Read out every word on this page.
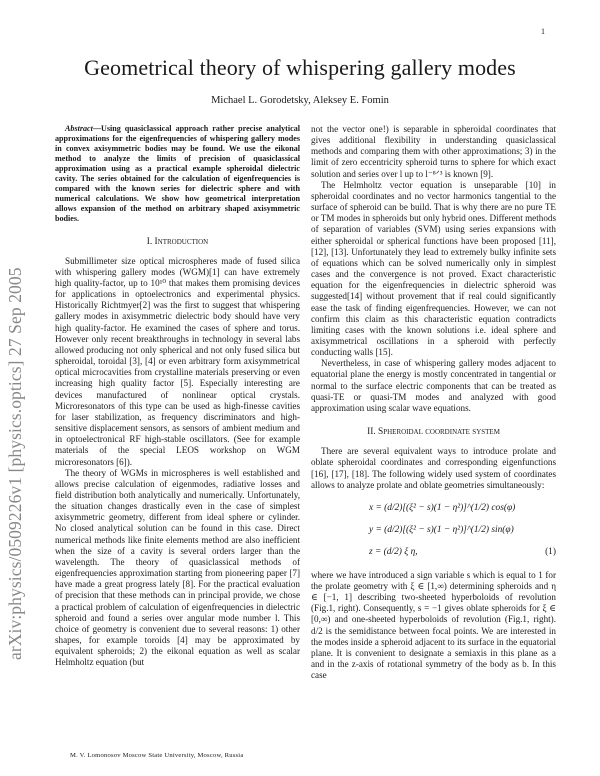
1
Geometrical theory of whispering gallery modes
Michael L. Gorodetsky, Aleksey E. Fomin
arXiv:physics/0509226v1 [physics.optics] 27 Sep 2005

Abstract—Using quasiclassical approach rather precise analytical approximations for the eigenfrequencies of whispering gallery modes in convex axisymmetric bodies may be found. We use the eikonal method to analyze the limits of precision of quasiclassical approximation using as a practical example spheroidal dielectric cavity. The series obtained for the calculation of eigenfrequencies is compared with the known series for dielectric sphere and with numerical calculations. We show how geometrical interpretation allows expansion of the method on arbitrary shaped axisymmetric bodies.

I. Introduction

Submillimeter size optical microspheres made of fused silica with whispering gallery modes (WGM)[1] can have extremely high quality-factor, up to 10¹⁰ that makes them promising devices for applications in optoelectronics and experimental physics. Historically Richtmyer[2] was the first to suggest that whispering gallery modes in axisymmetric dielectric body should have very high quality-factor. He examined the cases of sphere and torus. However only recent breakthroughs in technology in several labs allowed producing not only spherical and not only fused silica but spheroidal, toroidal [3], [4] or even arbitrary form axisymmetrical optical microcavities from crystalline materials preserving or even increasing high quality factor [5]. Especially interesting are devices manufactured of nonlinear optical crystals. Microresonators of this type can be used as high-finesse cavities for laser stabilization, as frequency discriminators and high-sensitive displacement sensors, as sensors of ambient medium and in optoelectronical RF high-stable oscillators. (See for example materials of the special LEOS workshop on WGM microresonators [6]).

The theory of WGMs in microspheres is well established and allows precise calculation of eigenmodes, radiative losses and field distribution both analytically and numerically. Unfortunately, the situation changes drastically even in the case of simplest axisymmetric geometry, different from ideal sphere or cylinder. No closed analytical solution can be found in this case. Direct numerical methods like finite elements method are also inefficient when the size of a cavity is several orders larger than the wavelength. The theory of quasiclassical methods of eigenfrequencies approximation starting from pioneering paper [7] have made a great progress lately [8]. For the practical evaluation of precision that these methods can in principal provide, we chose a practical problem of calculation of eigenfrequencies in dielectric spheroid and found a series over angular mode number l. This choice of geometry is convenient due to several reasons: 1) other shapes, for example toroids [4] may be approximated by equivalent spheroids; 2) the eikonal equation as well as scalar Helmholtz equation (but

not the vector one!) is separable in spheroidal coordinates that gives additional flexibility in understanding quasiclassical methods and comparing them with other approximations; 3) in the limit of zero eccentricity spheroid turns to sphere for which exact solution and series over l up to l⁻⁸ᐟ³ is known [9].

The Helmholtz vector equation is unseparable [10] in spheroidal coordinates and no vector harmonics tangential to the surface of spheroid can be build. That is why there are no pure TE or TM modes in spheroids but only hybrid ones. Different methods of separation of variables (SVM) using series expansions with either spheroidal or spherical functions have been proposed [11], [12], [13]. Unfortunately they lead to extremely bulky infinite sets of equations which can be solved numerically only in simplest cases and the convergence is not proved. Exact characteristic equation for the eigenfrequencies in dielectric spheroid was suggested[14] without provement that if real could significantly ease the task of finding eigenfrequencies. However, we can not confirm this claim as this characteristic equation contradicts limiting cases with the known solutions i.e. ideal sphere and axisymmetrical oscillations in a spheroid with perfectly conducting walls [15].

Nevertheless, in case of whispering gallery modes adjacent to equatorial plane the energy is mostly concentrated in tangential or normal to the surface electric components that can be treated as quasi-TE or quasi-TM modes and analyzed with good approximation using scalar wave equations.

II. Spheroidal coordinate system

There are several equivalent ways to introduce prolate and oblate spheroidal coordinates and corresponding eigenfunctions [16], [17], [18]. The following widely used system of coordinates allows to analyze prolate and oblate geometries simultaneously:

x = (d/2)[(ξ² − s)(1 − η²)]^(1/2) cos(φ)
y = (d/2)[(ξ² − s)(1 − η²)]^(1/2) sin(φ)
z = (d/2) ξ η,	(1)

where we have introduced a sign variable s which is equal to 1 for the prolate geometry with ξ ∈ [1,∞) determining spheroids and η ∈ [−1, 1] describing two-sheeted hyperboloids of revolution (Fig.1, right). Consequently, s = −1 gives oblate spheroids for ξ ∈ [0,∞) and one-sheeted hyperboloids of revolution (Fig.1, right). d/2 is the semidistance between focal points. We are interested in the modes inside a spheroid adjacent to its surface in the equatorial plane. It is convenient to designate a semiaxis in this plane as a and in the z-axis of rotational symmetry of the body as b. In this case

M. V. Lomonosov Moscow State University, Moscow, Russia
